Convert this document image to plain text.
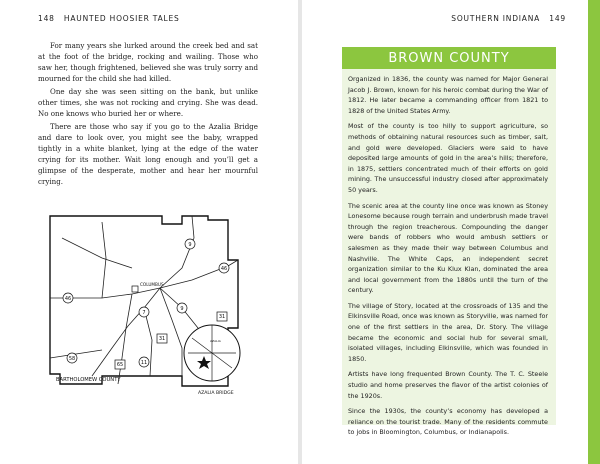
148 HAUNTED HOOSIER TALES

For many years she lurked around the creek bed and sat at the foot of the bridge, rocking and wailing. Those who saw her, though frightened, believed she was truly sorry and mourned for the child she had killed.

One day she was seen sitting on the bank, but unlike other times, she was not rocking and crying. She was dead. No one knows who buried her or where.

There are those who say if you go to the Azalia Bridge and dare to look over, you might see the baby, wrapped tightly in a white blanket, lying at the edge of the water crying for its mother. Wait long enough and you’ll get a glimpse of the desperate, mother and hear her mournful crying.

9
46
46
7
9
31
58
65	11
31
COLUMBUS
AZALIA
BARTHOLOMEW COUNTY
AZALIA BRIDGE
SOUTHERN INDIANA 149
BROWN COUNTY

Organized in 1836, the county was named for Major General Jacob J. Brown, known for his heroic combat during the War of 1812. He later became a commanding officer from 1821 to 1828 of the United States Army.

Most of the county is too hilly to support agriculture, so methods of obtaining natural resources such as timber, salt, and gold were developed. Glaciers were said to have deposited large amounts of gold in the area’s hills; therefore, in 1875, settlers concentrated much of their efforts on gold mining. The unsuccessful industry closed after approximately 50 years.

The scenic area at the county line once was known as Stoney Lonesome because rough terrain and underbrush made travel through the region treacherous. Compounding the danger were bands of robbers who would ambush settlers or salesmen as they made their way between Columbus and Nashville. The White Caps, an independent secret organization similar to the Ku Klux Klan, dominated the area and local government from the 1880s until the turn of the century.

The village of Story, located at the crossroads of 135 and the Elkinsville Road, once was known as Storyville, was named for one of the first settlers in the area, Dr. Story. The village became the economic and social hub for several small, isolated villages, including Elkinsville, which was founded in 1850.

Artists have long frequented Brown County. The T. C. Steele studio and home preserves the flavor of the artist colonies of the 1920s.

Since the 1930s, the county’s economy has developed a reliance on the tourist trade. Many of the residents commute to jobs in Bloomington, Columbus, or Indianapolis.
